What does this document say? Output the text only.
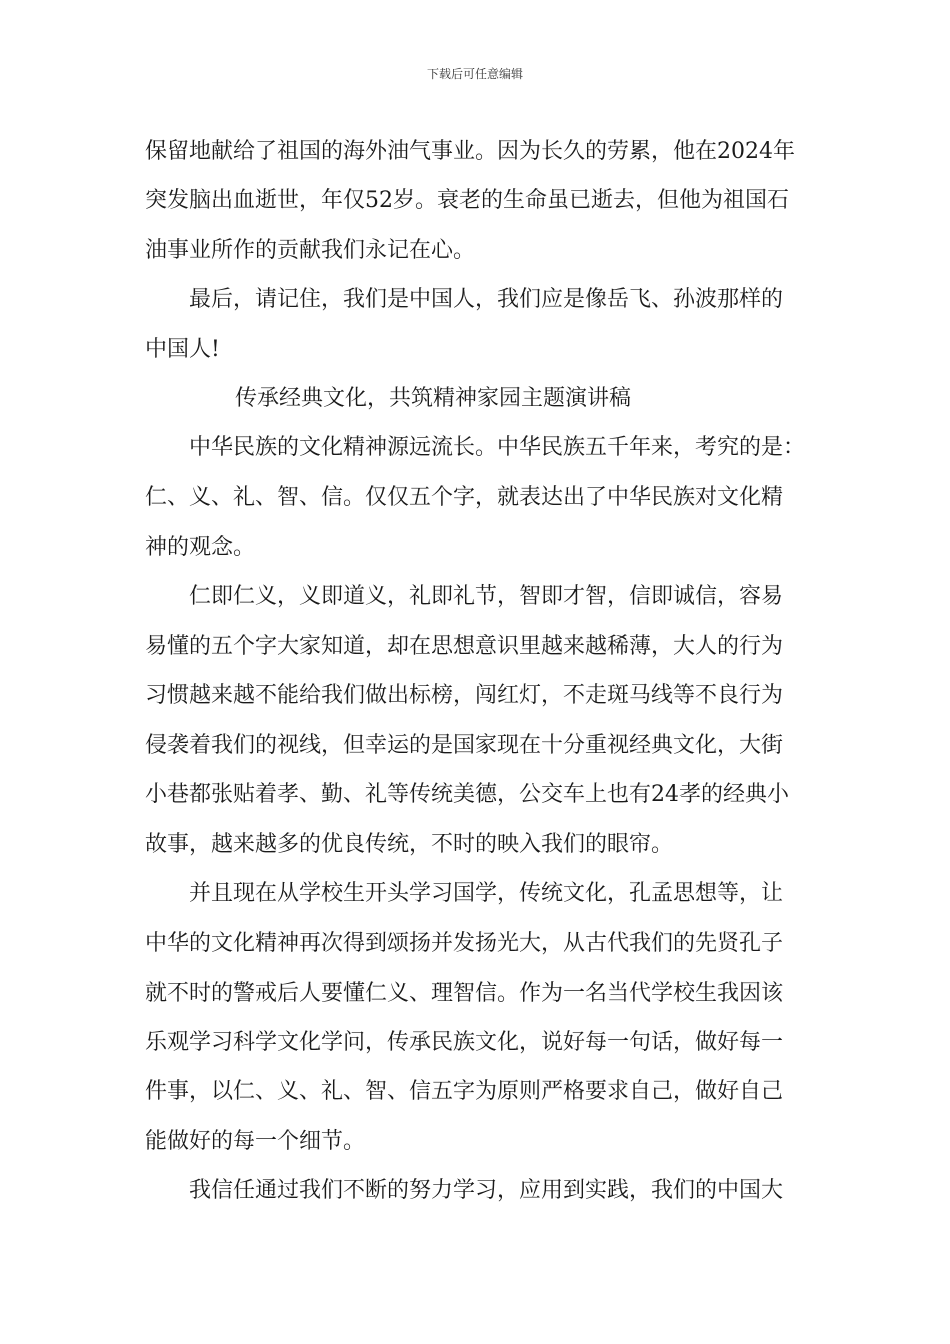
下载后可任意编辑
保留地献给了祖国的海外油气事业。因为长久的劳累，他在2024年
突发脑出血逝世，年仅52岁。衰老的生命虽已逝去，但他为祖国石
油事业所作的贡献我们永记在心。
最后，请记住，我们是中国人，我们应是像岳飞、孙波那样的
中国人!
传承经典文化，共筑精神家园主题演讲稿
中华民族的文化精神源远流长。中华民族五千年来，考究的是：
仁、义、礼、智、信。仅仅五个字，就表达出了中华民族对文化精
神的观念。
仁即仁义，义即道义，礼即礼节，智即才智，信即诚信，容易
易懂的五个字大家知道，却在思想意识里越来越稀薄，大人的行为
习惯越来越不能给我们做出标榜，闯红灯，不走斑马线等不良行为
侵袭着我们的视线，但幸运的是国家现在十分重视经典文化，大街
小巷都张贴着孝、勤、礼等传统美德，公交车上也有24孝的经典小
故事，越来越多的优良传统，不时的映入我们的眼帘。
并且现在从学校生开头学习国学，传统文化，孔孟思想等，让
中华的文化精神再次得到颂扬并发扬光大，从古代我们的先贤孔子
就不时的警戒后人要懂仁义、理智信。作为一名当代学校生我因该
乐观学习科学文化学问，传承民族文化，说好每一句话，做好每一
件事，以仁、义、礼、智、信五字为原则严格要求自己，做好自己
能做好的每一个细节。
我信任通过我们不断的努力学习，应用到实践，我们的中国大
